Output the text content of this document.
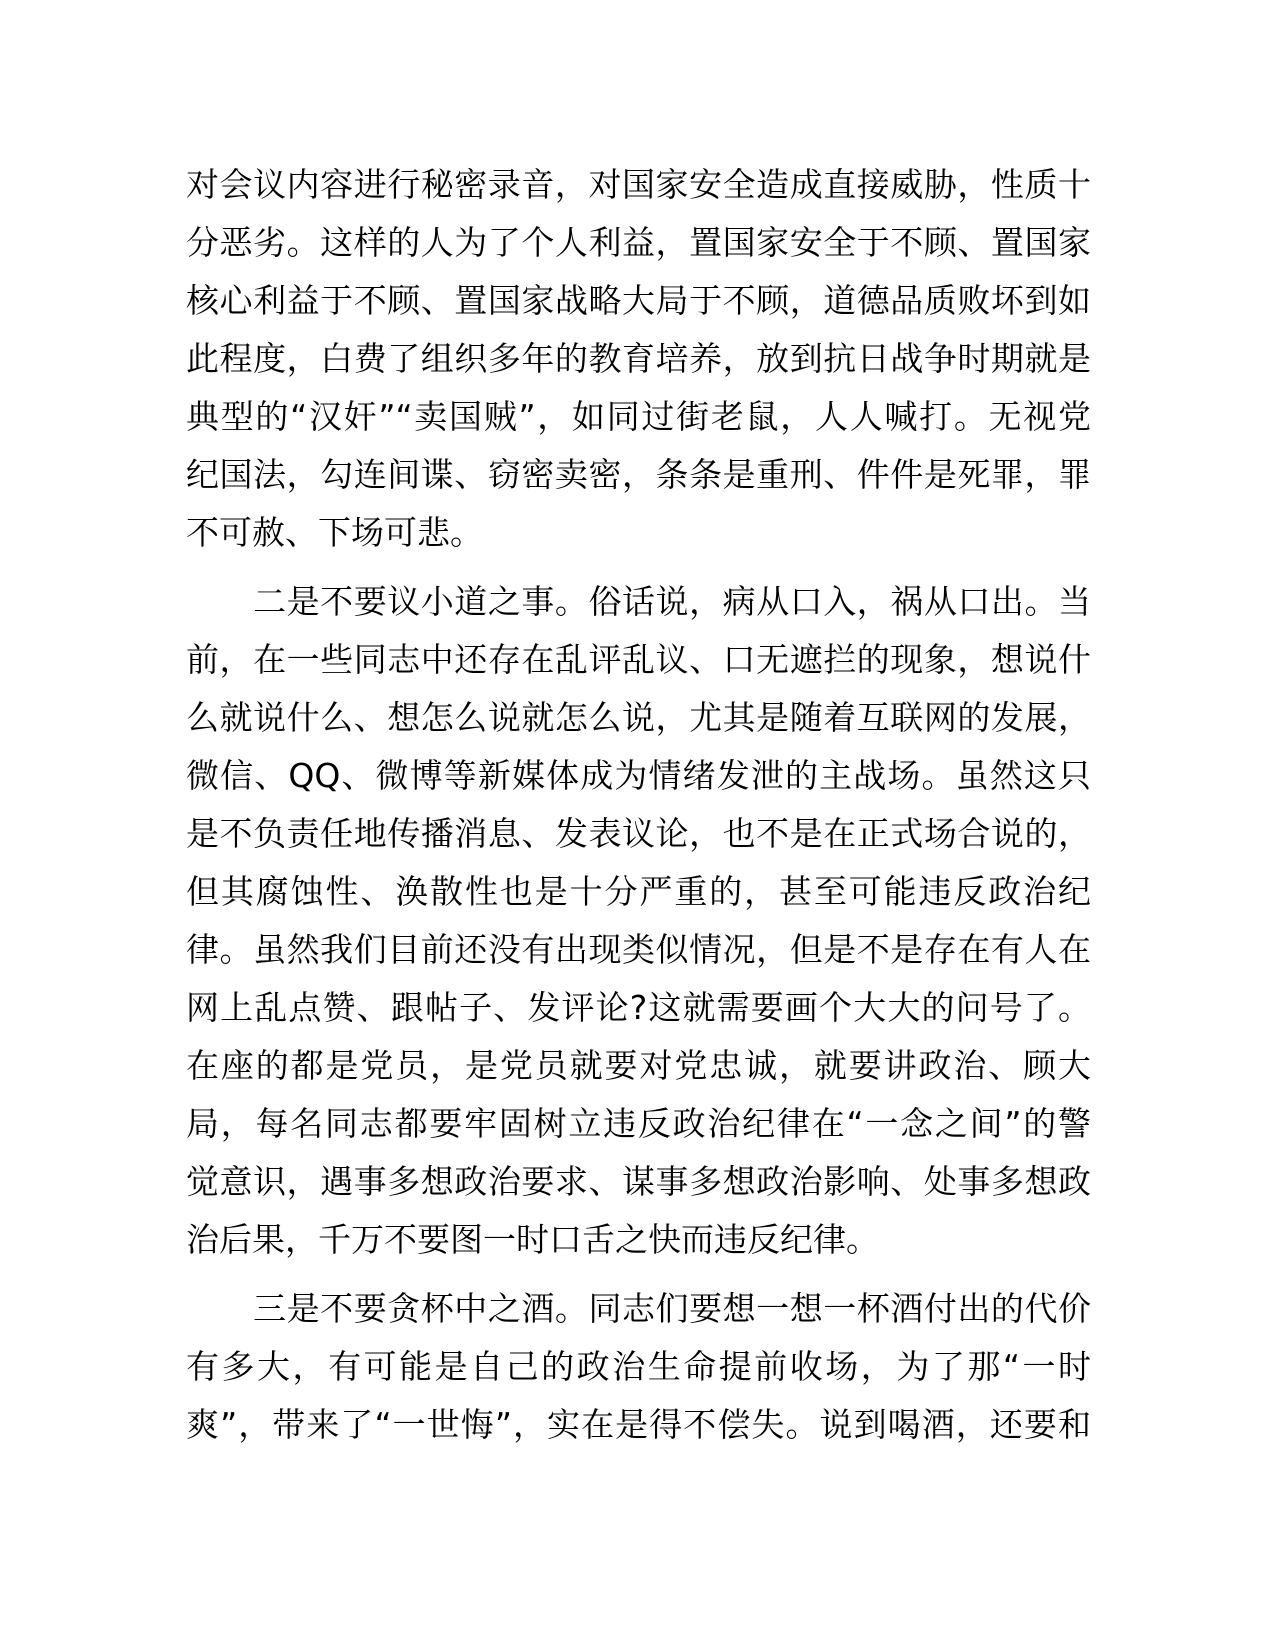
对会议内容进行秘密录音，对国家安全造成直接威胁，性质十
分恶劣。这样的人为了个人利益，置国家安全于不顾、置国家
核心利益于不顾、置国家战略大局于不顾，道德品质败坏到如
此程度，白费了组织多年的教育培养，放到抗日战争时期就是
典型的“汉奸”“卖国贼”，如同过街老鼠，人人喊打。无视党
纪国法，勾连间谍、窃密卖密，条条是重刑、件件是死罪，罪
不可赦、下场可悲。
　　二是不要议小道之事。俗话说，病从口入，祸从口出。当
前，在一些同志中还存在乱评乱议、口无遮拦的现象，想说什
么就说什么、想怎么说就怎么说，尤其是随着互联网的发展，
微信、QQ、微博等新媒体成为情绪发泄的主战场。虽然这只
是不负责任地传播消息、发表议论，也不是在正式场合说的，
但其腐蚀性、涣散性也是十分严重的，甚至可能违反政治纪
律。虽然我们目前还没有出现类似情况，但是不是存在有人在
网上乱点赞、跟帖子、发评论?这就需要画个大大的问号了。
在座的都是党员，是党员就要对党忠诚，就要讲政治、顾大
局，每名同志都要牢固树立违反政治纪律在“一念之间”的警
觉意识，遇事多想政治要求、谋事多想政治影响、处事多想政
治后果，千万不要图一时口舌之快而违反纪律。
　　三是不要贪杯中之酒。同志们要想一想一杯酒付出的代价
有多大，有可能是自己的政治生命提前收场，为了那“一时
爽”，带来了“一世悔”，实在是得不偿失。说到喝酒，还要和
